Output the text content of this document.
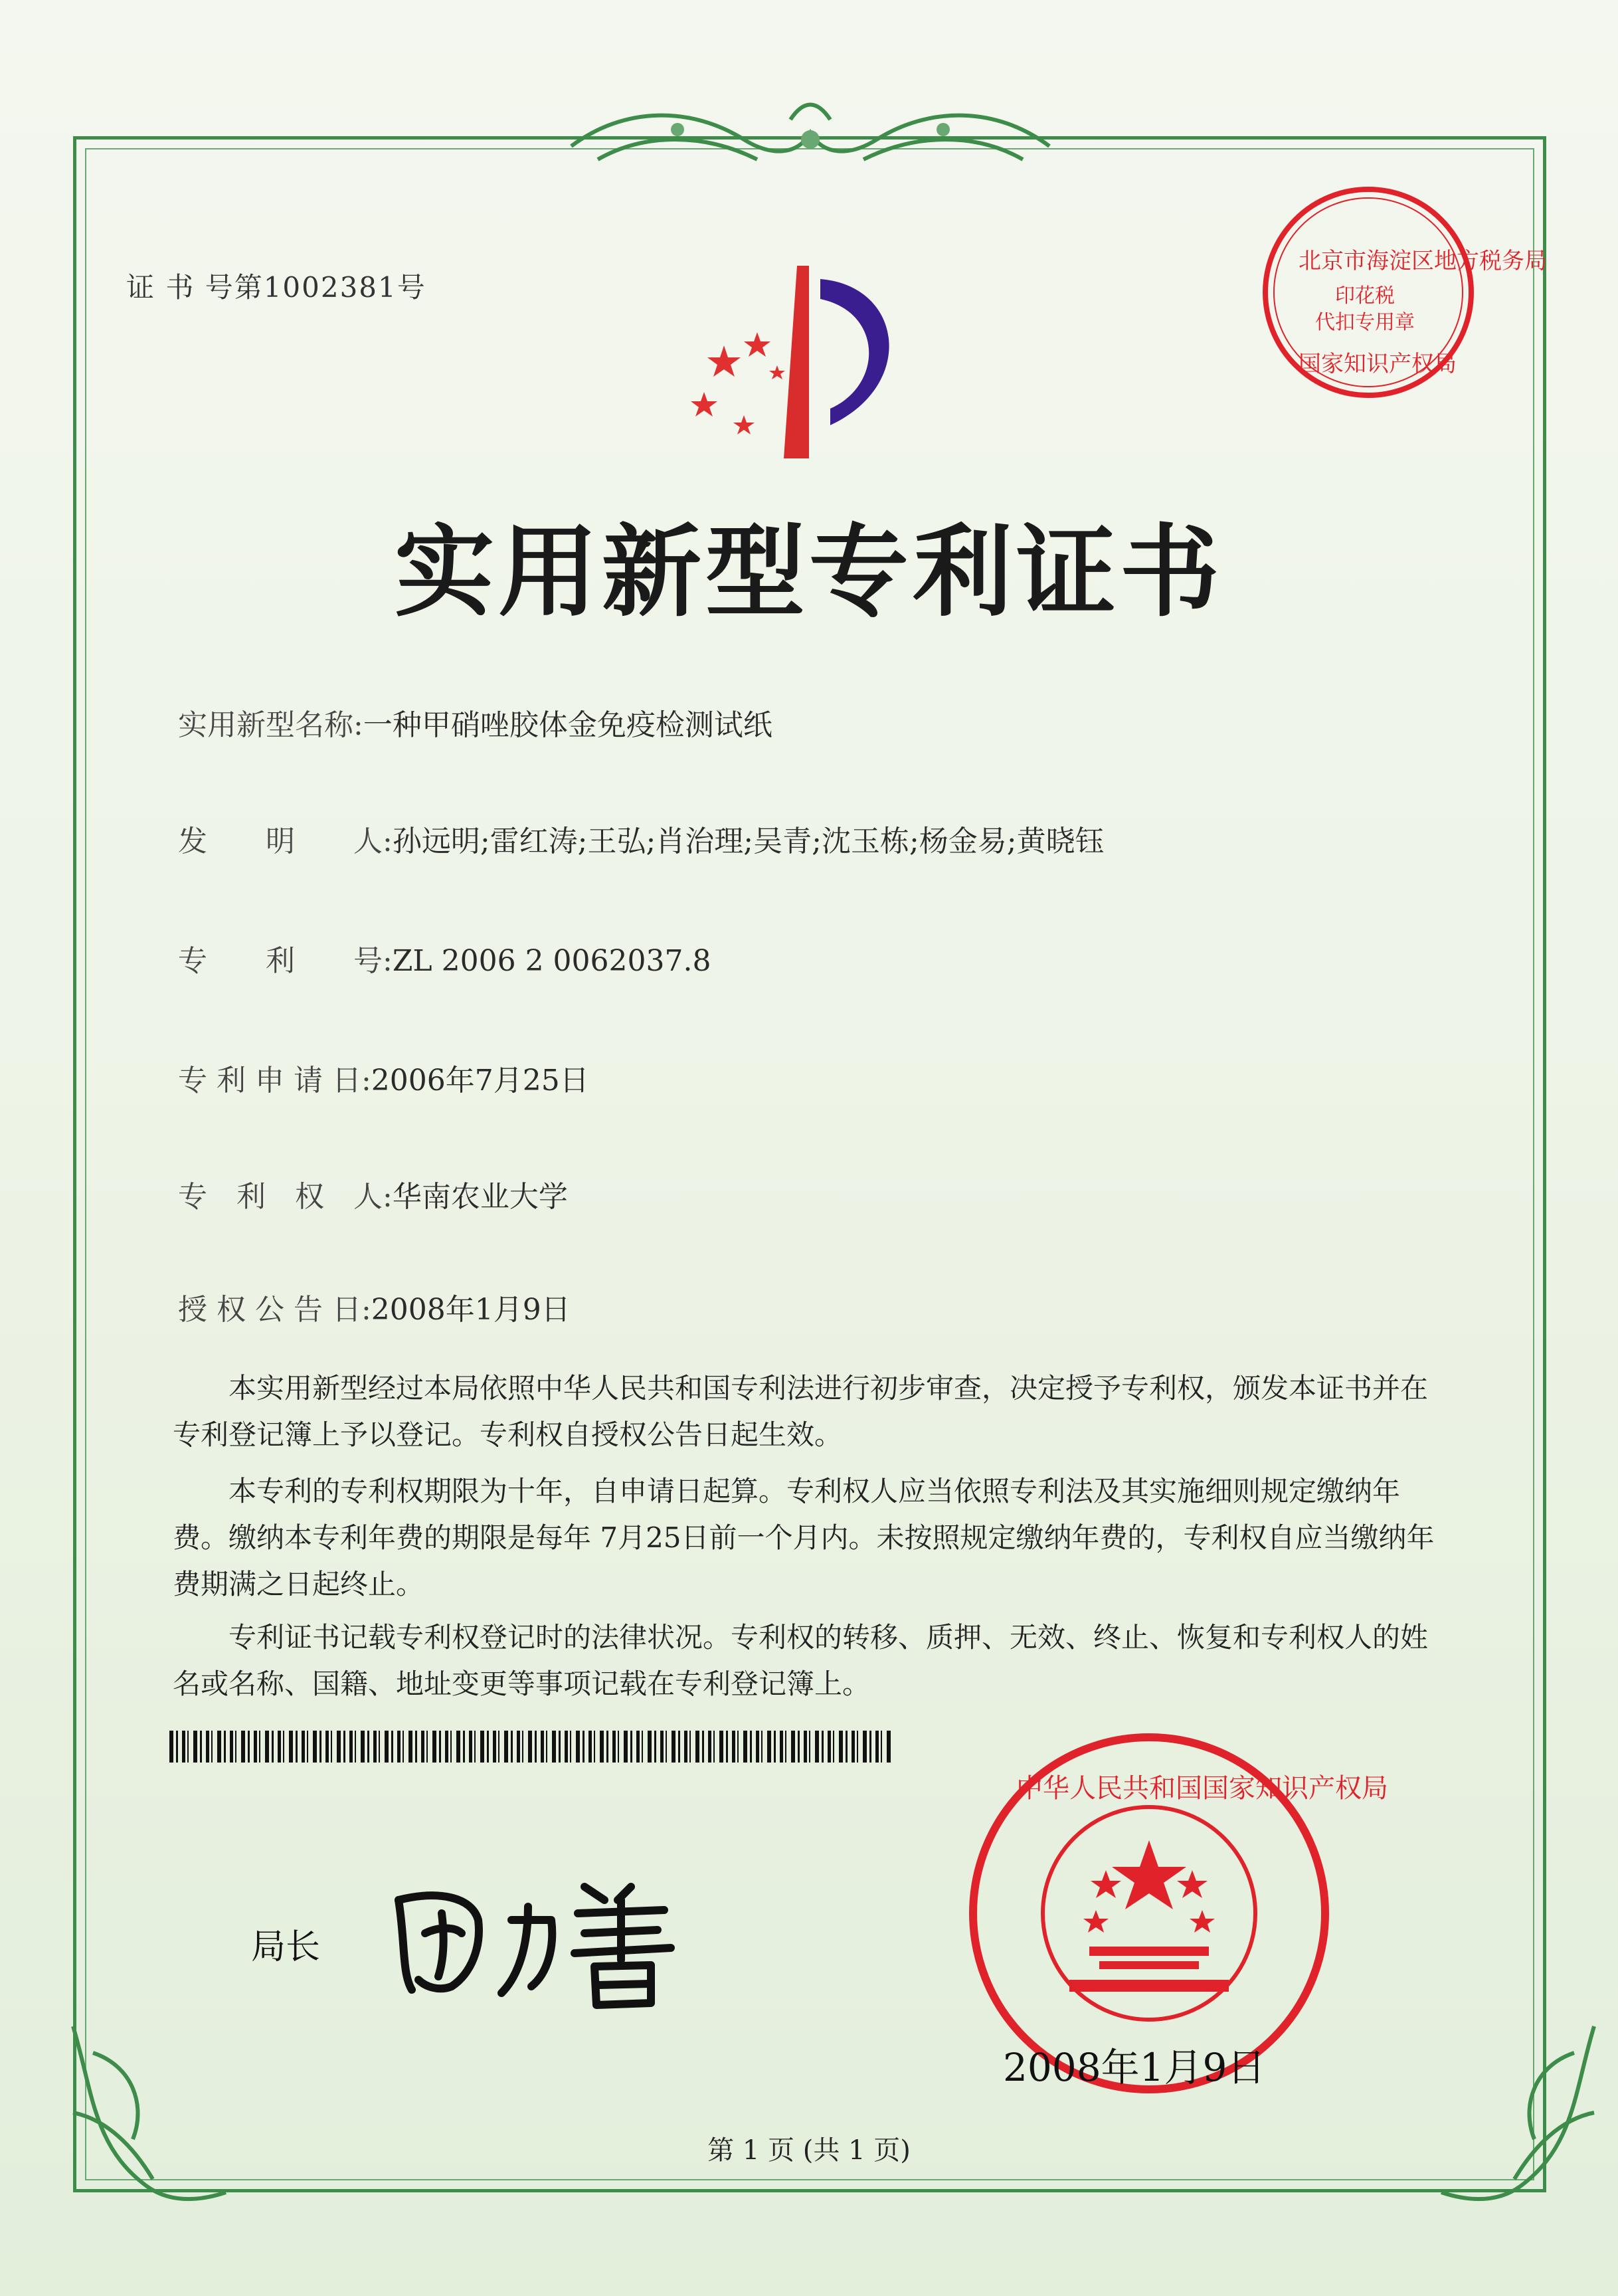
证 书 号第1002381号
北京市海淀区地方税务局
印花税
代扣专用章
国家知识产权局
实用新型专利证书
实用新型名称:一种甲硝唑胶体金免疫检测试纸
发　　明　　人:孙远明;雷红涛;王弘;肖治理;吴青;沈玉栋;杨金易;黄晓钰
专　　利　　号:ZL 2006 2 0062037.8
专 利 申 请 日:2006年7月25日
专　利　权　人:华南农业大学
授 权 公 告 日:2008年1月9日
本实用新型经过本局依照中华人民共和国专利法进行初步审查，决定授予专利权，颁发本证书并在专利登记簿上予以登记。专利权自授权公告日起生效。
本专利的专利权期限为十年，自申请日起算。专利权人应当依照专利法及其实施细则规定缴纳年费。缴纳本专利年费的期限是每年 7月25日前一个月内。未按照规定缴纳年费的，专利权自应当缴纳年费期满之日起终止。
专利证书记载专利权登记时的法律状况。专利权的转移、质押、无效、终止、恢复和专利权人的姓名或名称、国籍、地址变更等事项记载在专利登记簿上。
局长
中华人民共和国国家知识产权局
2008年1月9日
第 1 页 (共 1 页)
